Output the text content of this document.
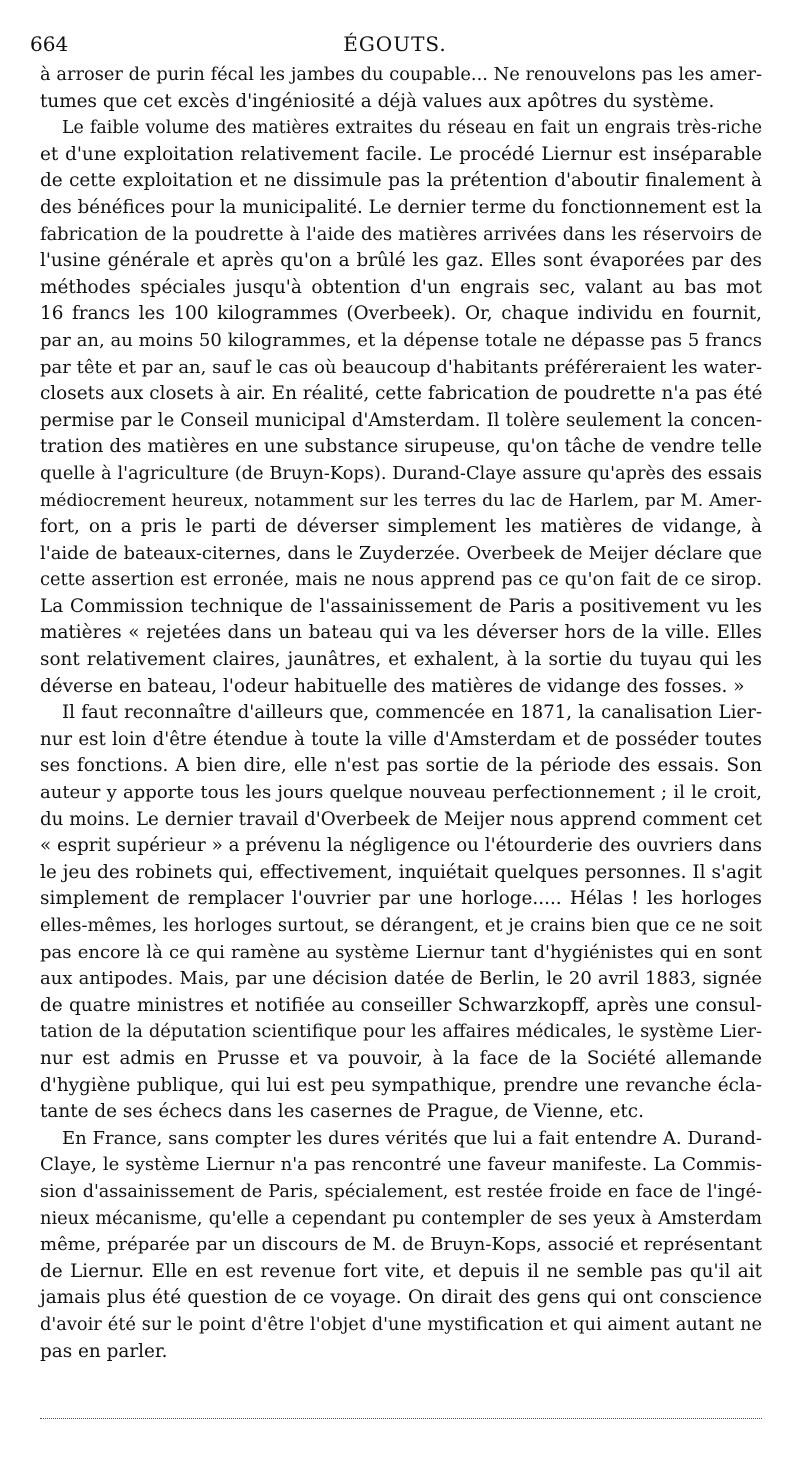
664	ÉGOUTS.
à arroser de purin fécal les jambes du coupable... Ne renouvelons pas les amer-
tumes que cet excès d'ingéniosité a déjà values aux apôtres du système.
Le faible volume des matières extraites du réseau en fait un engrais très-riche
et d'une exploitation relativement facile. Le procédé Liernur est inséparable
de cette exploitation et ne dissimule pas la prétention d'aboutir finalement à
des bénéfices pour la municipalité. Le dernier terme du fonctionnement est la
fabrication de la poudrette à l'aide des matières arrivées dans les réservoirs de
l'usine générale et après qu'on a brûlé les gaz. Elles sont évaporées par des
méthodes spéciales jusqu'à obtention d'un engrais sec, valant au bas mot
16 francs les 100 kilogrammes (Overbeek). Or, chaque individu en fournit,
par an, au moins 50 kilogrammes, et la dépense totale ne dépasse pas 5 francs
par tête et par an, sauf le cas où beaucoup d'habitants préféreraient les water-
closets aux closets à air. En réalité, cette fabrication de poudrette n'a pas été
permise par le Conseil municipal d'Amsterdam. Il tolère seulement la concen-
tration des matières en une substance sirupeuse, qu'on tâche de vendre telle
quelle à l'agriculture (de Bruyn-Kops). Durand-Claye assure qu'après des essais
médiocrement heureux, notamment sur les terres du lac de Harlem, par M. Amer-
fort, on a pris le parti de déverser simplement les matières de vidange, à
l'aide de bateaux-citernes, dans le Zuyderzée. Overbeek de Meijer déclare que
cette assertion est erronée, mais ne nous apprend pas ce qu'on fait de ce sirop.
La Commission technique de l'assainissement de Paris a positivement vu les
matières « rejetées dans un bateau qui va les déverser hors de la ville. Elles
sont relativement claires, jaunâtres, et exhalent, à la sortie du tuyau qui les
déverse en bateau, l'odeur habituelle des matières de vidange des fosses. »
Il faut reconnaître d'ailleurs que, commencée en 1871, la canalisation Lier-
nur est loin d'être étendue à toute la ville d'Amsterdam et de posséder toutes
ses fonctions. A bien dire, elle n'est pas sortie de la période des essais. Son
auteur y apporte tous les jours quelque nouveau perfectionnement ; il le croit,
du moins. Le dernier travail d'Overbeek de Meijer nous apprend comment cet
« esprit supérieur » a prévenu la négligence ou l'étourderie des ouvriers dans
le jeu des robinets qui, effectivement, inquiétait quelques personnes. Il s'agit
simplement de remplacer l'ouvrier par une horloge..... Hélas ! les horloges
elles-mêmes, les horloges surtout, se dérangent, et je crains bien que ce ne soit
pas encore là ce qui ramène au système Liernur tant d'hygiénistes qui en sont
aux antipodes. Mais, par une décision datée de Berlin, le 20 avril 1883, signée
de quatre ministres et notifiée au conseiller Schwarzkopff, après une consul-
tation de la députation scientifique pour les affaires médicales, le système Lier-
nur est admis en Prusse et va pouvoir, à la face de la Société allemande
d'hygiène publique, qui lui est peu sympathique, prendre une revanche écla-
tante de ses échecs dans les casernes de Prague, de Vienne, etc.
En France, sans compter les dures vérités que lui a fait entendre A. Durand-
Claye, le système Liernur n'a pas rencontré une faveur manifeste. La Commis-
sion d'assainissement de Paris, spécialement, est restée froide en face de l'ingé-
nieux mécanisme, qu'elle a cependant pu contempler de ses yeux à Amsterdam
même, préparée par un discours de M. de Bruyn-Kops, associé et représentant
de Liernur. Elle en est revenue fort vite, et depuis il ne semble pas qu'il ait
jamais plus été question de ce voyage. On dirait des gens qui ont conscience
d'avoir été sur le point d'être l'objet d'une mystification et qui aiment autant ne
pas en parler.
